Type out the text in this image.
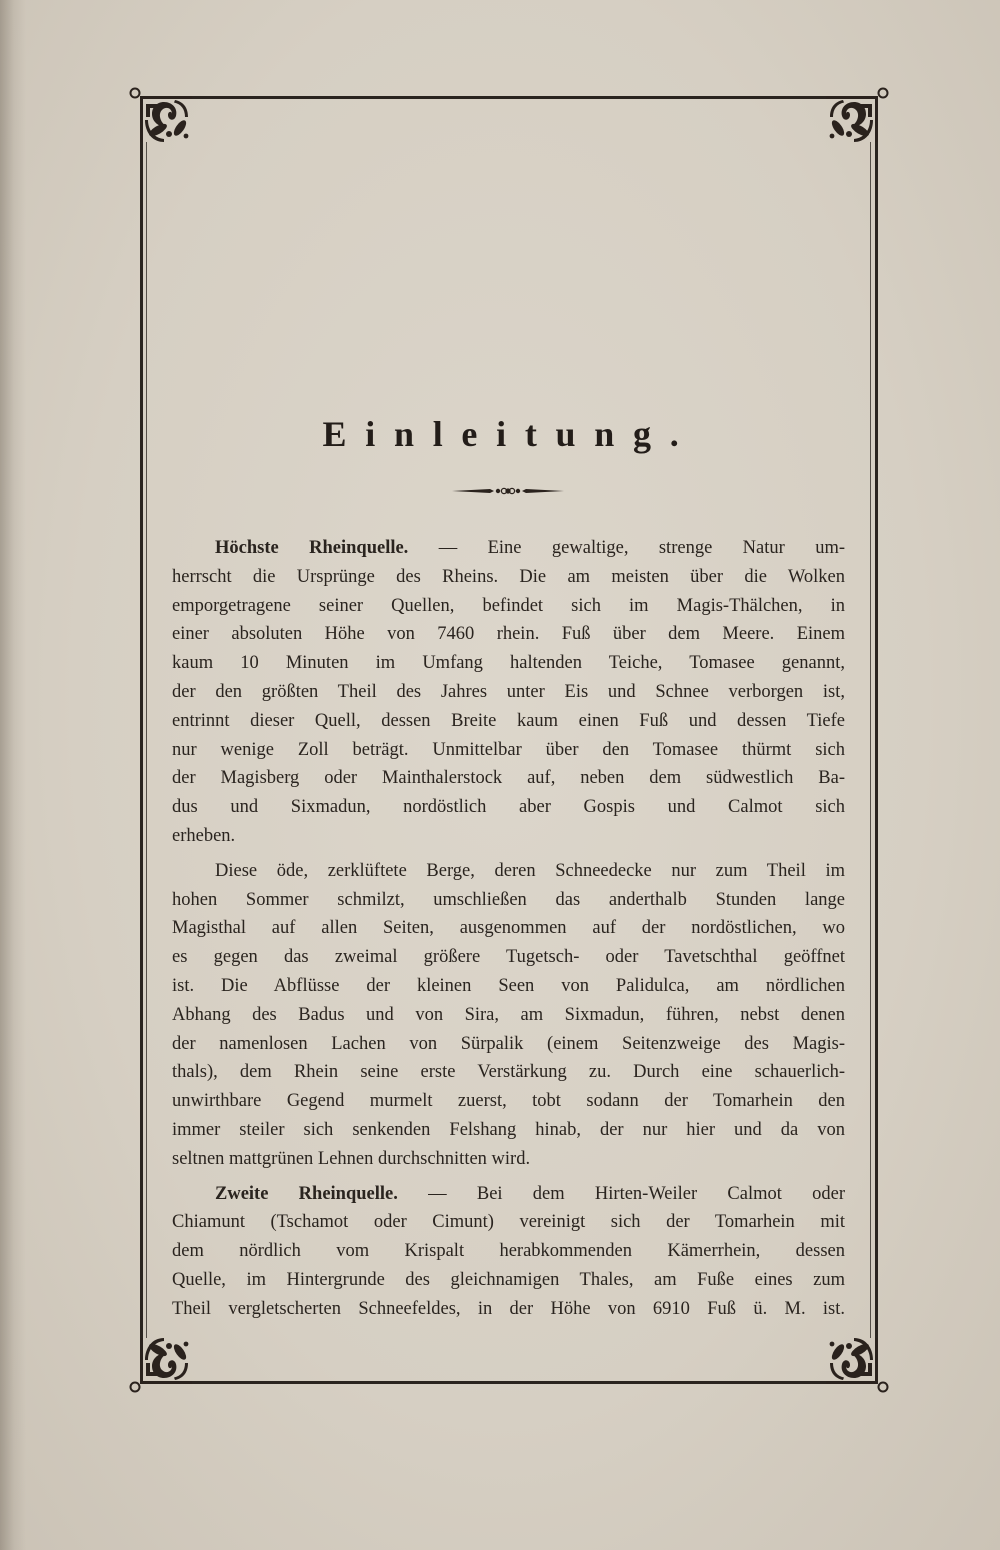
Einleitung.
Höchste Rheinquelle. — Eine gewaltige, strenge Natur um-
herrscht die Ursprünge des Rheins. Die am meisten über die Wolken
emporgetragene seiner Quellen, befindet sich im Magis-Thälchen, in
einer absoluten Höhe von 7460 rhein. Fuß über dem Meere. Einem
kaum 10 Minuten im Umfang haltenden Teiche, Tomasee genannt,
der den größten Theil des Jahres unter Eis und Schnee verborgen ist,
entrinnt dieser Quell, dessen Breite kaum einen Fuß und dessen Tiefe
nur wenige Zoll beträgt. Unmittelbar über den Tomasee thürmt sich
der Magisberg oder Mainthalerstock auf, neben dem südwestlich Ba-
dus und Sixmadun, nordöstlich aber Gospis und Calmot sich
erheben.
Diese öde, zerklüftete Berge, deren Schneedecke nur zum Theil im
hohen Sommer schmilzt, umschließen das anderthalb Stunden lange
Magisthal auf allen Seiten, ausgenommen auf der nordöstlichen, wo
es gegen das zweimal größere Tugetsch- oder Tavetschthal geöffnet
ist. Die Abflüsse der kleinen Seen von Palidulca, am nördlichen
Abhang des Badus und von Sira, am Sixmadun, führen, nebst denen
der namenlosen Lachen von Sürpalik (einem Seitenzweige des Magis-
thals), dem Rhein seine erste Verstärkung zu. Durch eine schauerlich-
unwirthbare Gegend murmelt zuerst, tobt sodann der Tomarhein den
immer steiler sich senkenden Felshang hinab, der nur hier und da von
seltnen mattgrünen Lehnen durchschnitten wird.
Zweite Rheinquelle. — Bei dem Hirten-Weiler Calmot oder
Chiamunt (Tschamot oder Cimunt) vereinigt sich der Tomarhein mit
dem nördlich vom Krispalt herabkommenden Kämerrhein, dessen
Quelle, im Hintergrunde des gleichnamigen Thales, am Fuße eines zum
Theil vergletscherten Schneefeldes, in der Höhe von 6910 Fuß ü. M. ist.
